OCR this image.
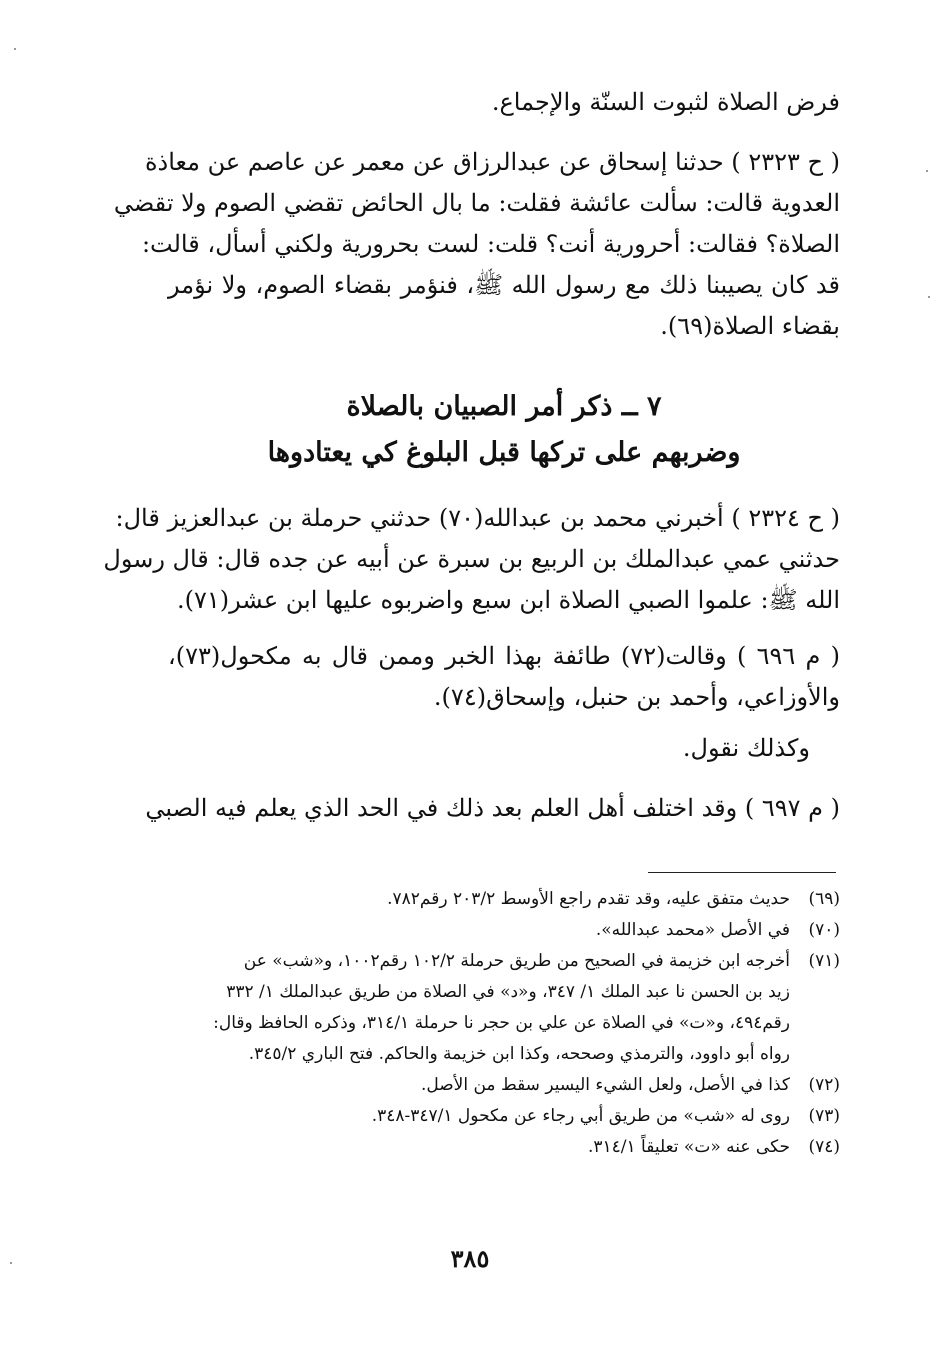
فرض الصلاة لثبوت السنّة والإجماع.
( ح ٢٣٢٣ ) حدثنا إسحاق عن عبدالرزاق عن معمر عن عاصم عن معاذة
العدوية قالت: سألت عائشة فقلت: ما بال الحائض تقضي الصوم ولا تقضي
الصلاة؟ فقالت: أحرورية أنت؟ قلت: لست بحرورية ولكني أسأل، قالت:
قد كان يصيبنا ذلك مع رسول الله ﷺ، فنؤمر بقضاء الصوم، ولا نؤمر
بقضاء الصلاة(٦٩).
٧ ــ ذكر أمر الصبيان بالصلاة
وضربهم على تركها قبل البلوغ كي يعتادوها
( ح ٢٣٢٤ ) أخبرني محمد بن عبدالله(٧٠) حدثني حرملة بن عبدالعزيز قال:
حدثني عمي عبدالملك بن الربيع بن سبرة عن أبيه عن جده قال: قال رسول
الله ﷺ: علموا الصبي الصلاة ابن سبع واضربوه عليها ابن عشر(٧١).
( م ٦٩٦ ) وقالت(٧٢) طائفة بهذا الخبر وممن قال به مكحول(٧٣)،
والأوزاعي، وأحمد بن حنبل، وإسحاق(٧٤).
وكذلك نقول.
( م ٦٩٧ ) وقد اختلف أهل العلم بعد ذلك في الحد الذي يعلم فيه الصبي
(٦٩)
حديث متفق عليه، وقد تقدم راجع الأوسط ٢٠٣/٢ رقم٧٨٢.
(٧٠)
في الأصل «محمد عبدالله».
(٧١)
أخرجه ابن خزيمة في الصحيح من طريق حرملة ١٠٢/٢ رقم١٠٠٢، و«شب» عن
زيد بن الحسن نا عبد الملك ١/ ٣٤٧، و«د» في الصلاة من طريق عبدالملك ١/ ٣٣٢
رقم٤٩٤، و«ت» في الصلاة عن علي بن حجر نا حرملة ٣١٤/١، وذكره الحافظ وقال:
رواه أبو داوود، والترمذي وصححه، وكذا ابن خزيمة والحاكم. فتح الباري ٣٤٥/٢.
(٧٢)
كذا في الأصل، ولعل الشيء اليسير سقط من الأصل.
(٧٣)
روى له «شب» من طريق أبي رجاء عن مكحول ٣٤٧/١-٣٤٨.
(٧٤)
حكى عنه «ت» تعليقاً ٣١٤/١.
٣٨٥
